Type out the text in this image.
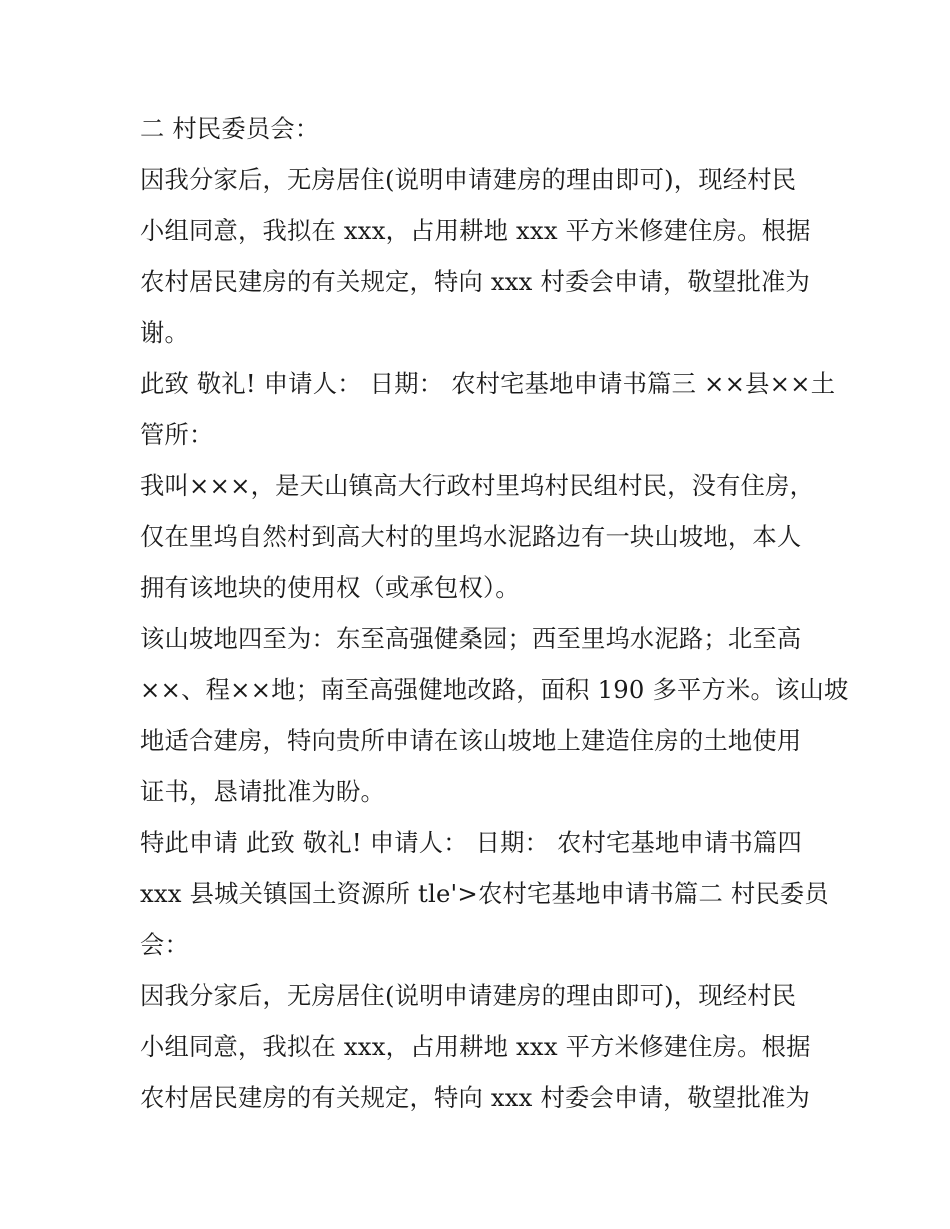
二 村民委员会：

因我分家后，无房居住(说明申请建房的理由即可)，现经村民
小组同意，我拟在 xxx，占用耕地 xxx 平方米修建住房。根据
农村居民建房的有关规定，特向 xxx 村委会申请，敬望批准为
谢。

此致 敬礼! 申请人： 日期： 农村宅基地申请书篇三 ××县××土
管所：

我叫×××，是天山镇高大行政村里坞村民组村民，没有住房，
仅在里坞自然村到高大村的里坞水泥路边有一块山坡地，本人
拥有该地块的使用权（或承包权）。

该山坡地四至为：东至高强健桑园；西至里坞水泥路；北至高
××、程××地；南至高强健地改路，面积 190 多平方米。该山坡
地适合建房，特向贵所申请在该山坡地上建造住房的土地使用
证书，恳请批准为盼。

特此申请 此致 敬礼! 申请人： 日期： 农村宅基地申请书篇四
xxx 县城关镇国土资源所 tle'>农村宅基地申请书篇二 村民委员
会：

因我分家后，无房居住(说明申请建房的理由即可)，现经村民
小组同意，我拟在 xxx，占用耕地 xxx 平方米修建住房。根据
农村居民建房的有关规定，特向 xxx 村委会申请，敬望批准为
